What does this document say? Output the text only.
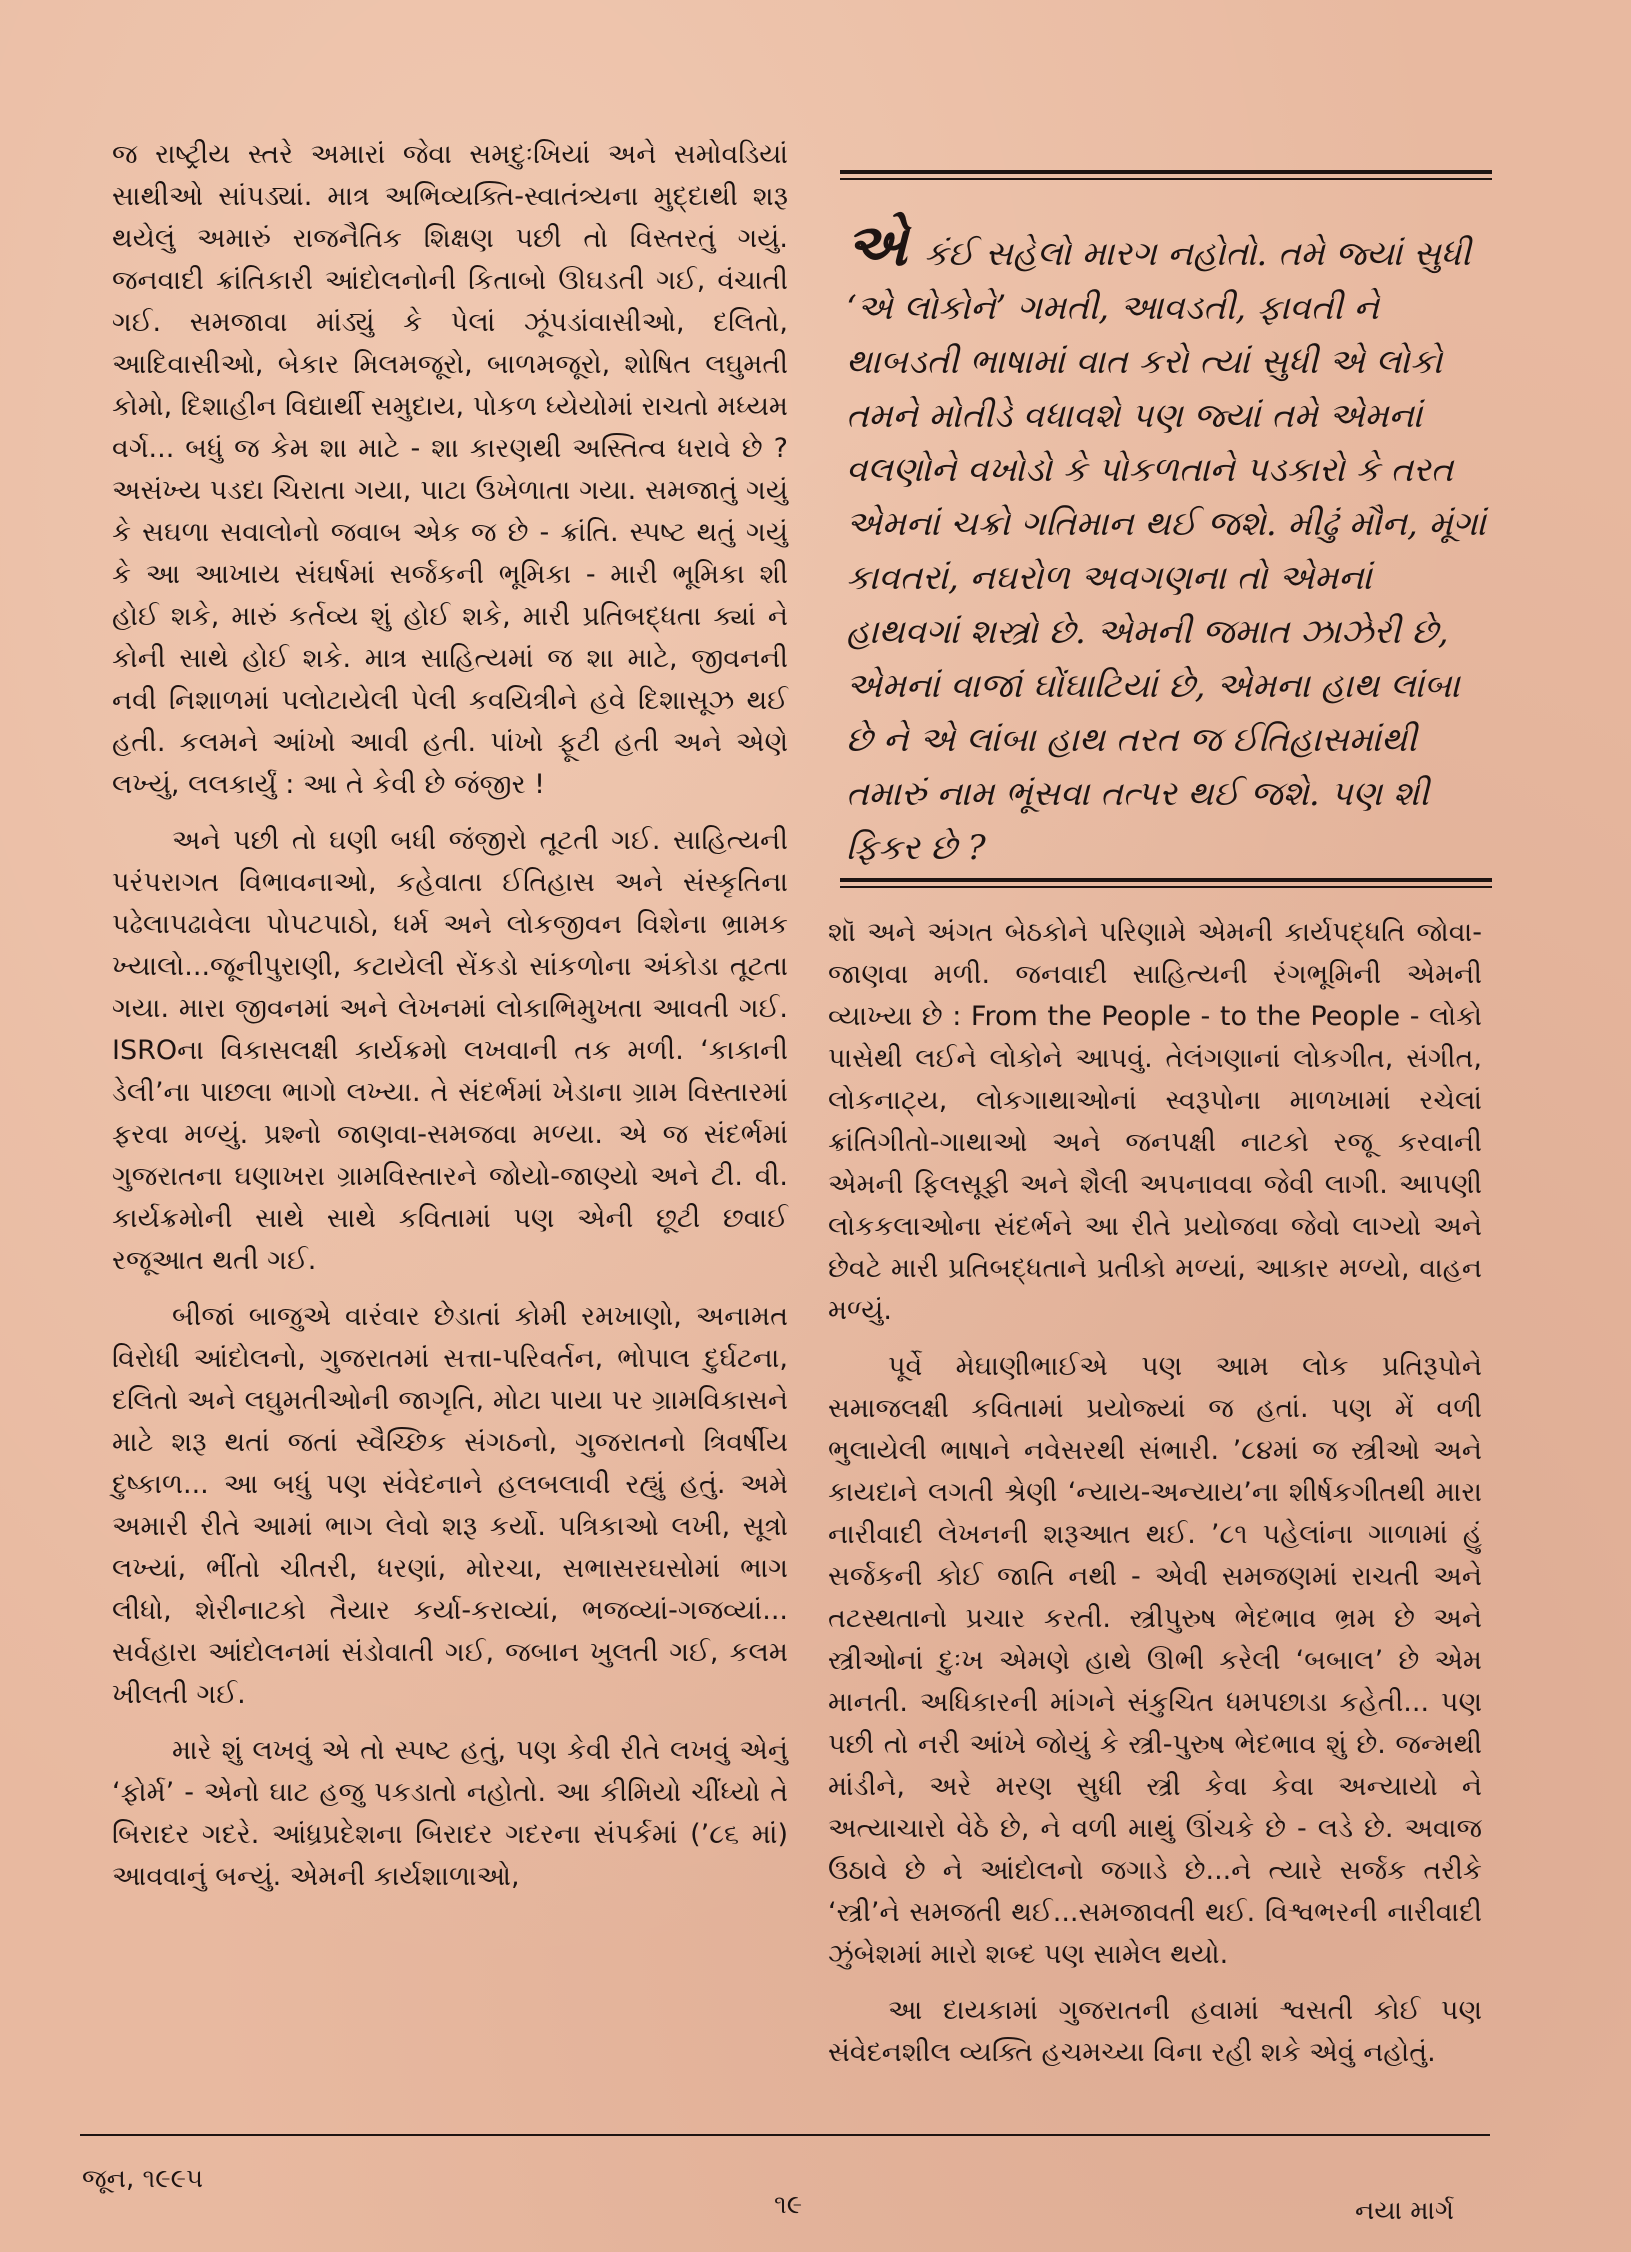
જ રાષ્ટ્રીય સ્તરે અમારાં જેવા સમદુઃખિયાં અને સમોવડિયાં સાથીઓ સાંપડ્યાં. માત્ર અભિવ્યક્તિ-સ્વાતંત્ર્યના મુદ્દાથી શરૂ થયેલું અમારું રાજનૈતિક શિક્ષણ પછી તો વિસ્તરતું ગયું. જનવાદી ક્રાંતિકારી આંદોલનોની કિતાબો ઊઘડતી ગઈ, વંચાતી ગઈ. સમજાવા માંડ્યું કે પેલાં ઝૂંપડાંવાસીઓ, દલિતો, આદિવાસીઓ, બેકાર મિલમજૂરો, બાળમજૂરો, શોષિત લઘુમતી કોમો, દિશાહીન વિદ્યાર્થી સમુદાય, પોકળ ધ્યેયોમાં રાચતો મધ્યમ વર્ગ... બધું જ કેમ શા માટે - શા કારણથી અસ્તિત્વ ધરાવે છે ? અસંખ્ય પડદા ચિરાતા ગયા, પાટા ઉખેળાતા ગયા. સમજાતું ગયું કે સઘળા સવાલોનો જવાબ એક જ છે - ક્રાંતિ. સ્પષ્ટ થતું ગયું કે આ આખાય સંઘર્ષમાં સર્જકની ભૂમિકા - મારી ભૂમિકા શી હોઈ શકે, મારું કર્તવ્ય શું હોઈ શકે, મારી પ્રતિબદ્ધતા ક્યાં ને કોની સાથે હોઈ શકે. માત્ર સાહિત્યમાં જ શા માટે, જીવનની નવી નિશાળમાં પલોટાયેલી પેલી કવયિત્રીને હવે દિશાસૂઝ થઈ હતી. કલમને આંખો આવી હતી. પાંખો ફૂટી હતી અને એણે લખ્યું, લલકાર્યું : આ તે કેવી છે જંજીર !

અને પછી તો ઘણી બધી જંજીરો તૂટતી ગઈ. સાહિત્યની પરંપરાગત વિભાવનાઓ, કહેવાતા ઈતિહાસ અને સંસ્કૃતિના પઢેલાપઢાવેલા પોપટપાઠો, ધર્મ અને લોકજીવન વિશેના ભ્રામક ખ્યાલો...જૂનીપુરાણી, કટાયેલી સેંકડો સાંકળોના અંકોડા તૂટતા ગયા. મારા જીવનમાં અને લેખનમાં લોકાભિમુખતા આવતી ગઈ. ISROના વિકાસલક્ષી કાર્યક્રમો લખવાની તક મળી. ‘કાકાની ડેલી’ના પાછલા ભાગો લખ્યા. તે સંદર્ભમાં ખેડાના ગ્રામ વિસ્તારમાં ફરવા મળ્યું. પ્રશ્નો જાણવા-સમજવા મળ્યા. એ જ સંદર્ભમાં ગુજરાતના ઘણાખરા ગ્રામવિસ્તારને જોયો-જાણ્યો અને ટી. વી. કાર્યક્રમોની સાથે સાથે કવિતામાં પણ એની છૂટી છવાઈ રજૂઆત થતી ગઈ.

બીજાં બાજુએ વારંવાર છેડાતાં કોમી રમખાણો, અનામત વિરોધી આંદોલનો, ગુજરાતમાં સત્તા-પરિવર્તન, ભોપાલ દુર્ઘટના, દલિતો અને લઘુમતીઓની જાગૃતિ, મોટા પાયા પર ગ્રામવિકાસને માટે શરૂ થતાં જતાં સ્વૈચ્છિક સંગઠનો, ગુજરાતનો ત્રિવર્ષીય દુષ્કાળ... આ બધું પણ સંવેદનાને હલબલાવી રહ્યું હતું. અમે અમારી રીતે આમાં ભાગ લેવો શરૂ કર્યો. પત્રિકાઓ લખી, સૂત્રો લખ્યાં, ભીંતો ચીતરી, ધરણાં, મોરચા, સભાસરઘસોમાં ભાગ લીધો, શેરીનાટકો તૈયાર કર્યા-કરાવ્યાં, ભજવ્યાં-ગજવ્યાં... સર્વહારા આંદોલનમાં સંડોવાતી ગઈ, જબાન ખુલતી ગઈ, કલમ ખીલતી ગઈ.

મારે શું લખવું એ તો સ્પષ્ટ હતું, પણ કેવી રીતે લખવું એનું ‘ફોર્મ’ - એનો ઘાટ હજુ પકડાતો નહોતો. આ કીમિયો ચીંધ્યો તે બિરાદર ગદરે. આંધ્રપ્રદેશના બિરાદર ગદરના સંપર્કમાં (’૮૬ માં) આવવાનું બન્યું. એમની કાર્યશાળાઓ,

એ કંઈ સહેલો મારગ નહોતો. તમે જ્યાં સુધી ‘એ લોકોને’ ગમતી, આવડતી, ફાવતી ને થાબડતી ભાષામાં વાત કરો ત્યાં સુધી એ લોકો તમને મોતીડે વધાવશે પણ જ્યાં તમે એમનાં વલણોને વખોડો કે પોકળતાને પડકારો કે તરત એમનાં ચક્રો ગતિમાન થઈ જશે. મીઢું મૌન, મૂંગાં કાવતરાં, નઘરોળ અવગણના તો એમનાં હાથવગાં શસ્ત્રો છે. એમની જમાત ઝાઝેરી છે, એમનાં વાજાં ઘોંઘાટિયાં છે, એમના હાથ લાંબા છે ને એ લાંબા હાથ તરત જ ઈતિહાસમાંથી તમારું નામ ભૂંસવા તત્પર થઈ જશે. પણ શી ફિકર છે ?

શૉ અને અંગત બેઠકોને પરિણામે એમની કાર્યપદ્ધતિ જોવા-જાણવા મળી. જનવાદી સાહિત્યની રંગભૂમિની એમની વ્યાખ્યા છે : From the People - to the People - લોકો પાસેથી લઈને લોકોને આપવું. તેલંગણાનાં લોકગીત, સંગીત, લોકનાટ્ય, લોકગાથાઓનાં સ્વરૂપોના માળખામાં રચેલાં ક્રાંતિગીતો-ગાથાઓ અને જનપક્ષી નાટકો રજૂ કરવાની એમની ફિલસૂફી અને શૈલી અપનાવવા જેવી લાગી. આપણી લોકકલાઓના સંદર્ભને આ રીતે પ્રયોજવા જેવો લાગ્યો અને છેવટે મારી પ્રતિબદ્ધતાને પ્રતીકો મળ્યાં, આકાર મળ્યો, વાહન મળ્યું.

પૂર્વે મેઘાણીભાઈએ પણ આમ લોક પ્રતિરૂપોને સમાજલક્ષી કવિતામાં પ્રયોજ્યાં જ હતાં. પણ મેં વળી ભુલાયેલી ભાષાને નવેસરથી સંભારી. ’૮૪માં જ સ્ત્રીઓ અને કાયદાને લગતી શ્રેણી ‘ન્યાય-અન્યાય’ના શીર્ષકગીતથી મારા નારીવાદી લેખનની શરૂઆત થઈ. ’૮૧ પહેલાંના ગાળામાં હું સર્જકની કોઈ જાતિ નથી - એવી સમજણમાં રાચતી અને તટસ્થતાનો પ્રચાર કરતી. સ્ત્રીપુરુષ ભેદભાવ ભ્રમ છે અને સ્ત્રીઓનાં દુઃખ એમણે હાથે ઊભી કરેલી ‘બબાલ’ છે એમ માનતી. અધિકારની માંગને સંકુચિત ધમપછાડા કહેતી... પણ પછી તો નરી આંખે જોયું કે સ્ત્રી-પુરુષ ભેદભાવ શું છે. જન્મથી માંડીને, અરે મરણ સુધી સ્ત્રી કેવા કેવા અન્યાયો ને અત્યાચારો વેઠે છે, ને વળી માથું ઊંચકે છે - લડે છે. અવાજ ઉઠાવે છે ને આંદોલનો જગાડે છે...ને ત્યારે સર્જક તરીકે ‘સ્ત્રી’ને સમજતી થઈ...સમજાવતી થઈ. વિશ્વભરની નારીવાદી ઝુંબેશમાં મારો શબ્દ પણ સામેલ થયો.

આ દાયકામાં ગુજરાતની હવામાં શ્વસતી કોઈ પણ સંવેદનશીલ વ્યક્તિ હચમચ્યા વિના રહી શકે એવું નહોતું.

જૂન, ૧૯૯૫
૧૯	નયા માર્ગ
